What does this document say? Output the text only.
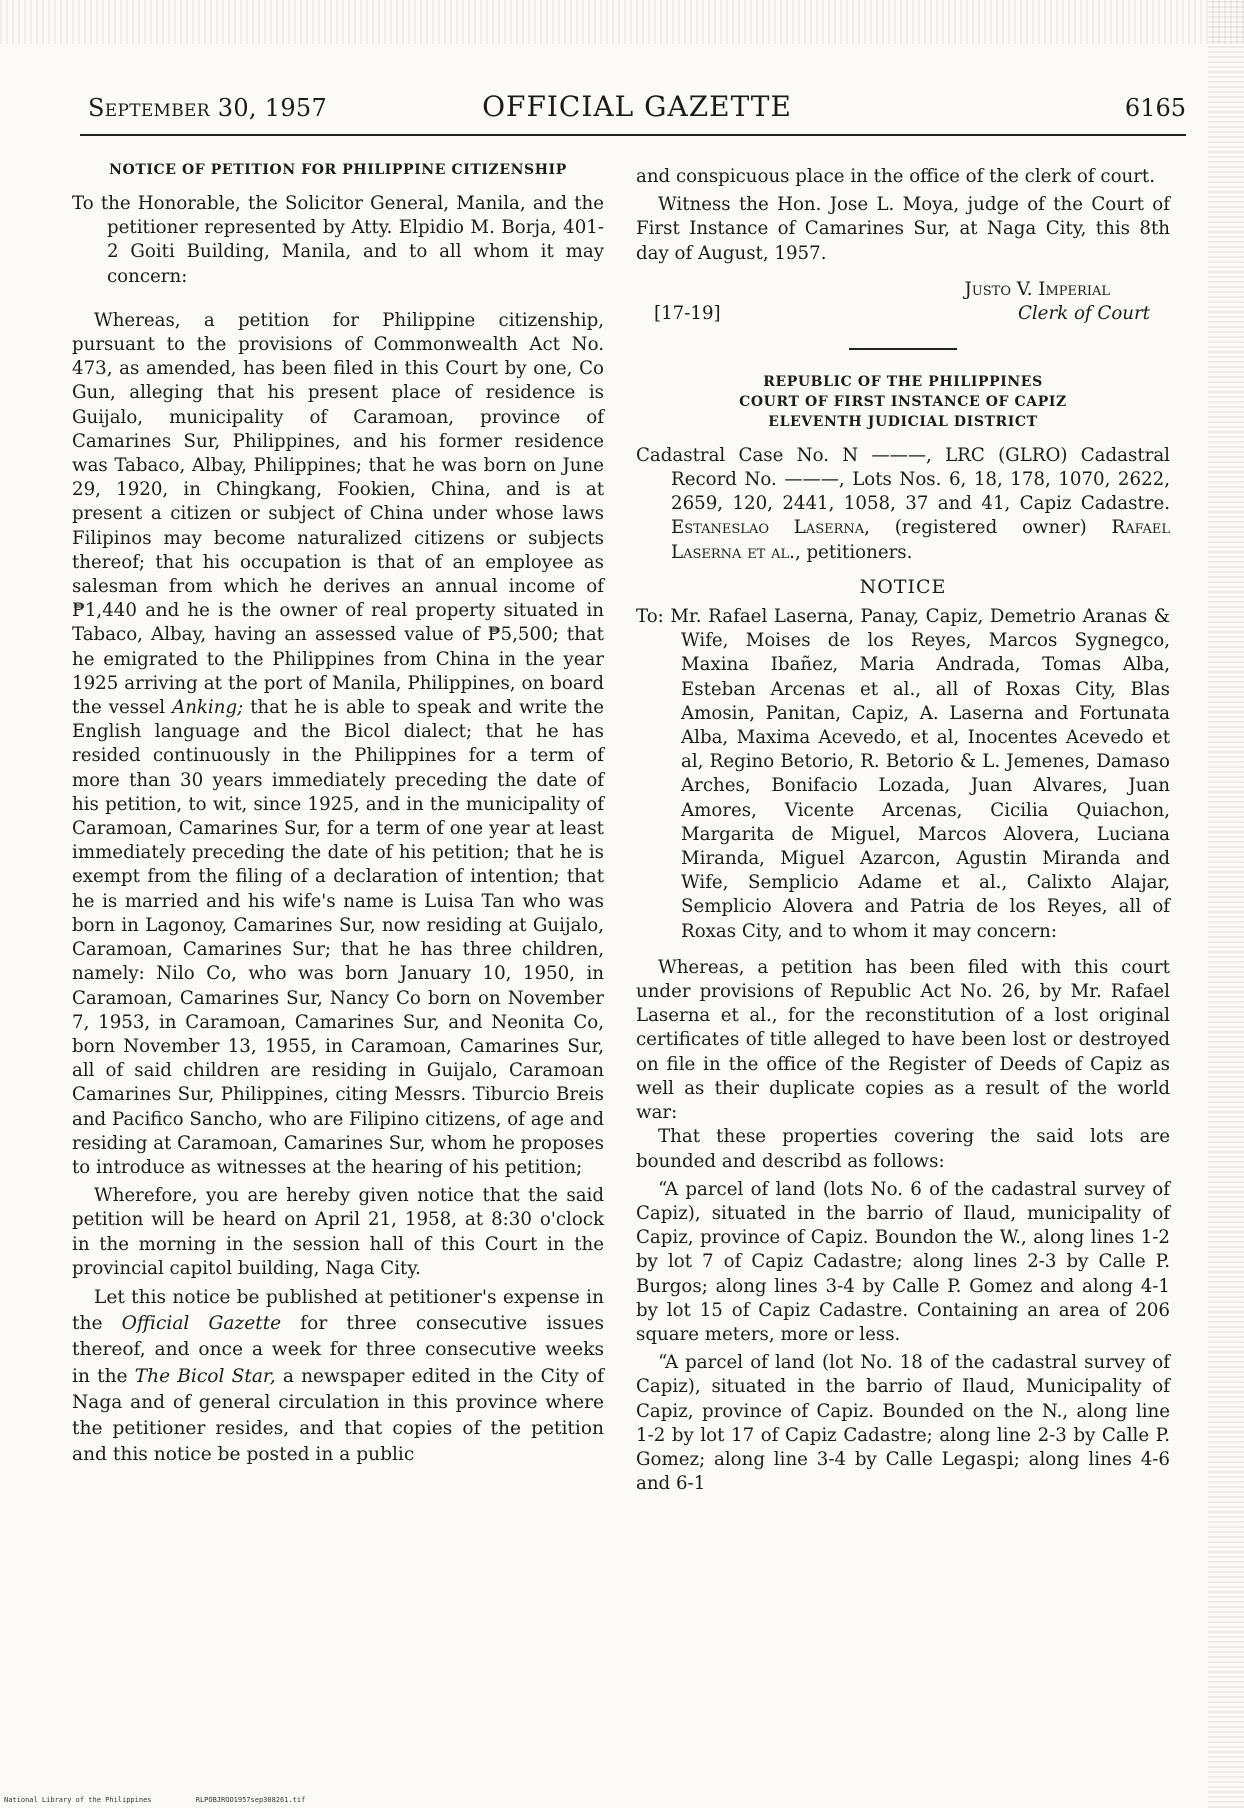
September 30, 1957	OFFICIAL GAZETTE	6165

NOTICE OF PETITION FOR PHILIPPINE CITIZENSHIP

To the Honorable, the Solicitor General, Manila, and the petitioner represented by Atty. Elpidio M. Borja, 401-2 Goiti Building, Manila, and to all whom it may concern:

Whereas, a petition for Philippine citizenship, pursuant to the provisions of Commonwealth Act No. 473, as amended, has been filed in this Court by one, Co Gun, alleging that his present place of residence is Guijalo, municipality of Caramoan, province of Camarines Sur, Philippines, and his former residence was Tabaco, Albay, Philippines; that he was born on June 29, 1920, in Chingkang, Fookien, China, and is at present a citizen or subject of China under whose laws Filipinos may become naturalized citizens or subjects thereof; that his occupation is that of an employee as salesman from which he derives an annual income of ₱1,440 and he is the owner of real property situated in Tabaco, Albay, having an assessed value of ₱5,500; that he emigrated to the Philippines from China in the year 1925 arriving at the port of Manila, Philippines, on board the vessel Anking; that he is able to speak and write the English language and the Bicol dialect; that he has resided continuously in the Philippines for a term of more than 30 years immediately preceding the date of his petition, to wit, since 1925, and in the municipality of Caramoan, Camarines Sur, for a term of one year at least immediately preceding the date of his petition; that he is exempt from the filing of a declaration of intention; that he is married and his wife's name is Luisa Tan who was born in Lagonoy, Camarines Sur, now residing at Guijalo, Caramoan, Camarines Sur; that he has three children, namely: Nilo Co, who was born January 10, 1950, in Caramoan, Camarines Sur, Nancy Co born on November 7, 1953, in Caramoan, Camarines Sur, and Neonita Co, born November 13, 1955, in Caramoan, Camarines Sur, all of said children are residing in Guijalo, Caramoan Camarines Sur, Philippines, citing Messrs. Tiburcio Breis and Pacifico Sancho, who are Filipino citizens, of age and residing at Caramoan, Camarines Sur, whom he proposes to introduce as witnesses at the hearing of his petition;

Wherefore, you are hereby given notice that the said petition will be heard on April 21, 1958, at 8:30 o'clock in the morning in the session hall of this Court in the provincial capitol building, Naga City.

Let this notice be published at petitioner's expense in the Official Gazette for three consecutive issues thereof, and once a week for three consecutive weeks in the The Bicol Star, a newspaper edited in the City of Naga and of general circulation in this province where the petitioner resides, and that copies of the petition and this notice be posted in a public

and conspicuous place in the office of the clerk of court.

Witness the Hon. Jose L. Moya, judge of the Court of First Instance of Camarines Sur, at Naga City, this 8th day of August, 1957.

Justo V. Imperial
[17-19]	Clerk of Court

REPUBLIC OF THE PHILIPPINES

COURT OF FIRST INSTANCE OF CAPIZ

ELEVENTH JUDICIAL DISTRICT

Cadastral Case No. N ———, LRC (GLRO) Cadastral Record No. ———, Lots Nos. 6, 18, 178, 1070, 2622, 2659, 120, 2441, 1058, 37 and 41, Capiz Cadastre. Estaneslao Laserna, (registered owner) Rafael Laserna et al., petitioners.

NOTICE

To: Mr. Rafael Laserna, Panay, Capiz, Demetrio Aranas & Wife, Moises de los Reyes, Marcos Sygnegco, Maxina Ibañez, Maria Andrada, Tomas Alba, Esteban Arcenas et al., all of Roxas City, Blas Amosin, Panitan, Capiz, A. Laserna and Fortunata Alba, Maxima Acevedo, et al, Inocentes Acevedo et al, Regino Betorio, R. Betorio & L. Jemenes, Damaso Arches, Bonifacio Lozada, Juan Alvares, Juan Amores, Vicente Arcenas, Cicilia Quiachon, Margarita de Miguel, Marcos Alovera, Luciana Miranda, Miguel Azarcon, Agustin Miranda and Wife, Semplicio Adame et al., Calixto Alajar, Semplicio Alovera and Patria de los Reyes, all of Roxas City, and to whom it may concern:

Whereas, a petition has been filed with this court under provisions of Republic Act No. 26, by Mr. Rafael Laserna et al., for the reconstitution of a lost original certificates of title alleged to have been lost or destroyed on file in the office of the Register of Deeds of Capiz as well as their duplicate copies as a result of the world war:

That these properties covering the said lots are bounded and describd as follows:

“A parcel of land (lots No. 6 of the cadastral survey of Capiz), situated in the barrio of Ilaud, municipality of Capiz, province of Capiz. Boundon the W., along lines 1-2 by lot 7 of Capiz Cadastre; along lines 2-3 by Calle P. Burgos; along lines 3-4 by Calle P. Gomez and along 4-1 by lot 15 of Capiz Cadastre. Containing an area of 206 square meters, more or less.

“A parcel of land (lot No. 18 of the cadastral survey of Capiz), situated in the barrio of Ilaud, Municipality of Capiz, province of Capiz. Bounded on the N., along line 1-2 by lot 17 of Capiz Cadastre; along line 2-3 by Calle P. Gomez; along line 3-4 by Calle Legaspi; along lines 4-6 and 6-1

National Library of the Philippines	RLPOBJROO1957sep308261.tif
